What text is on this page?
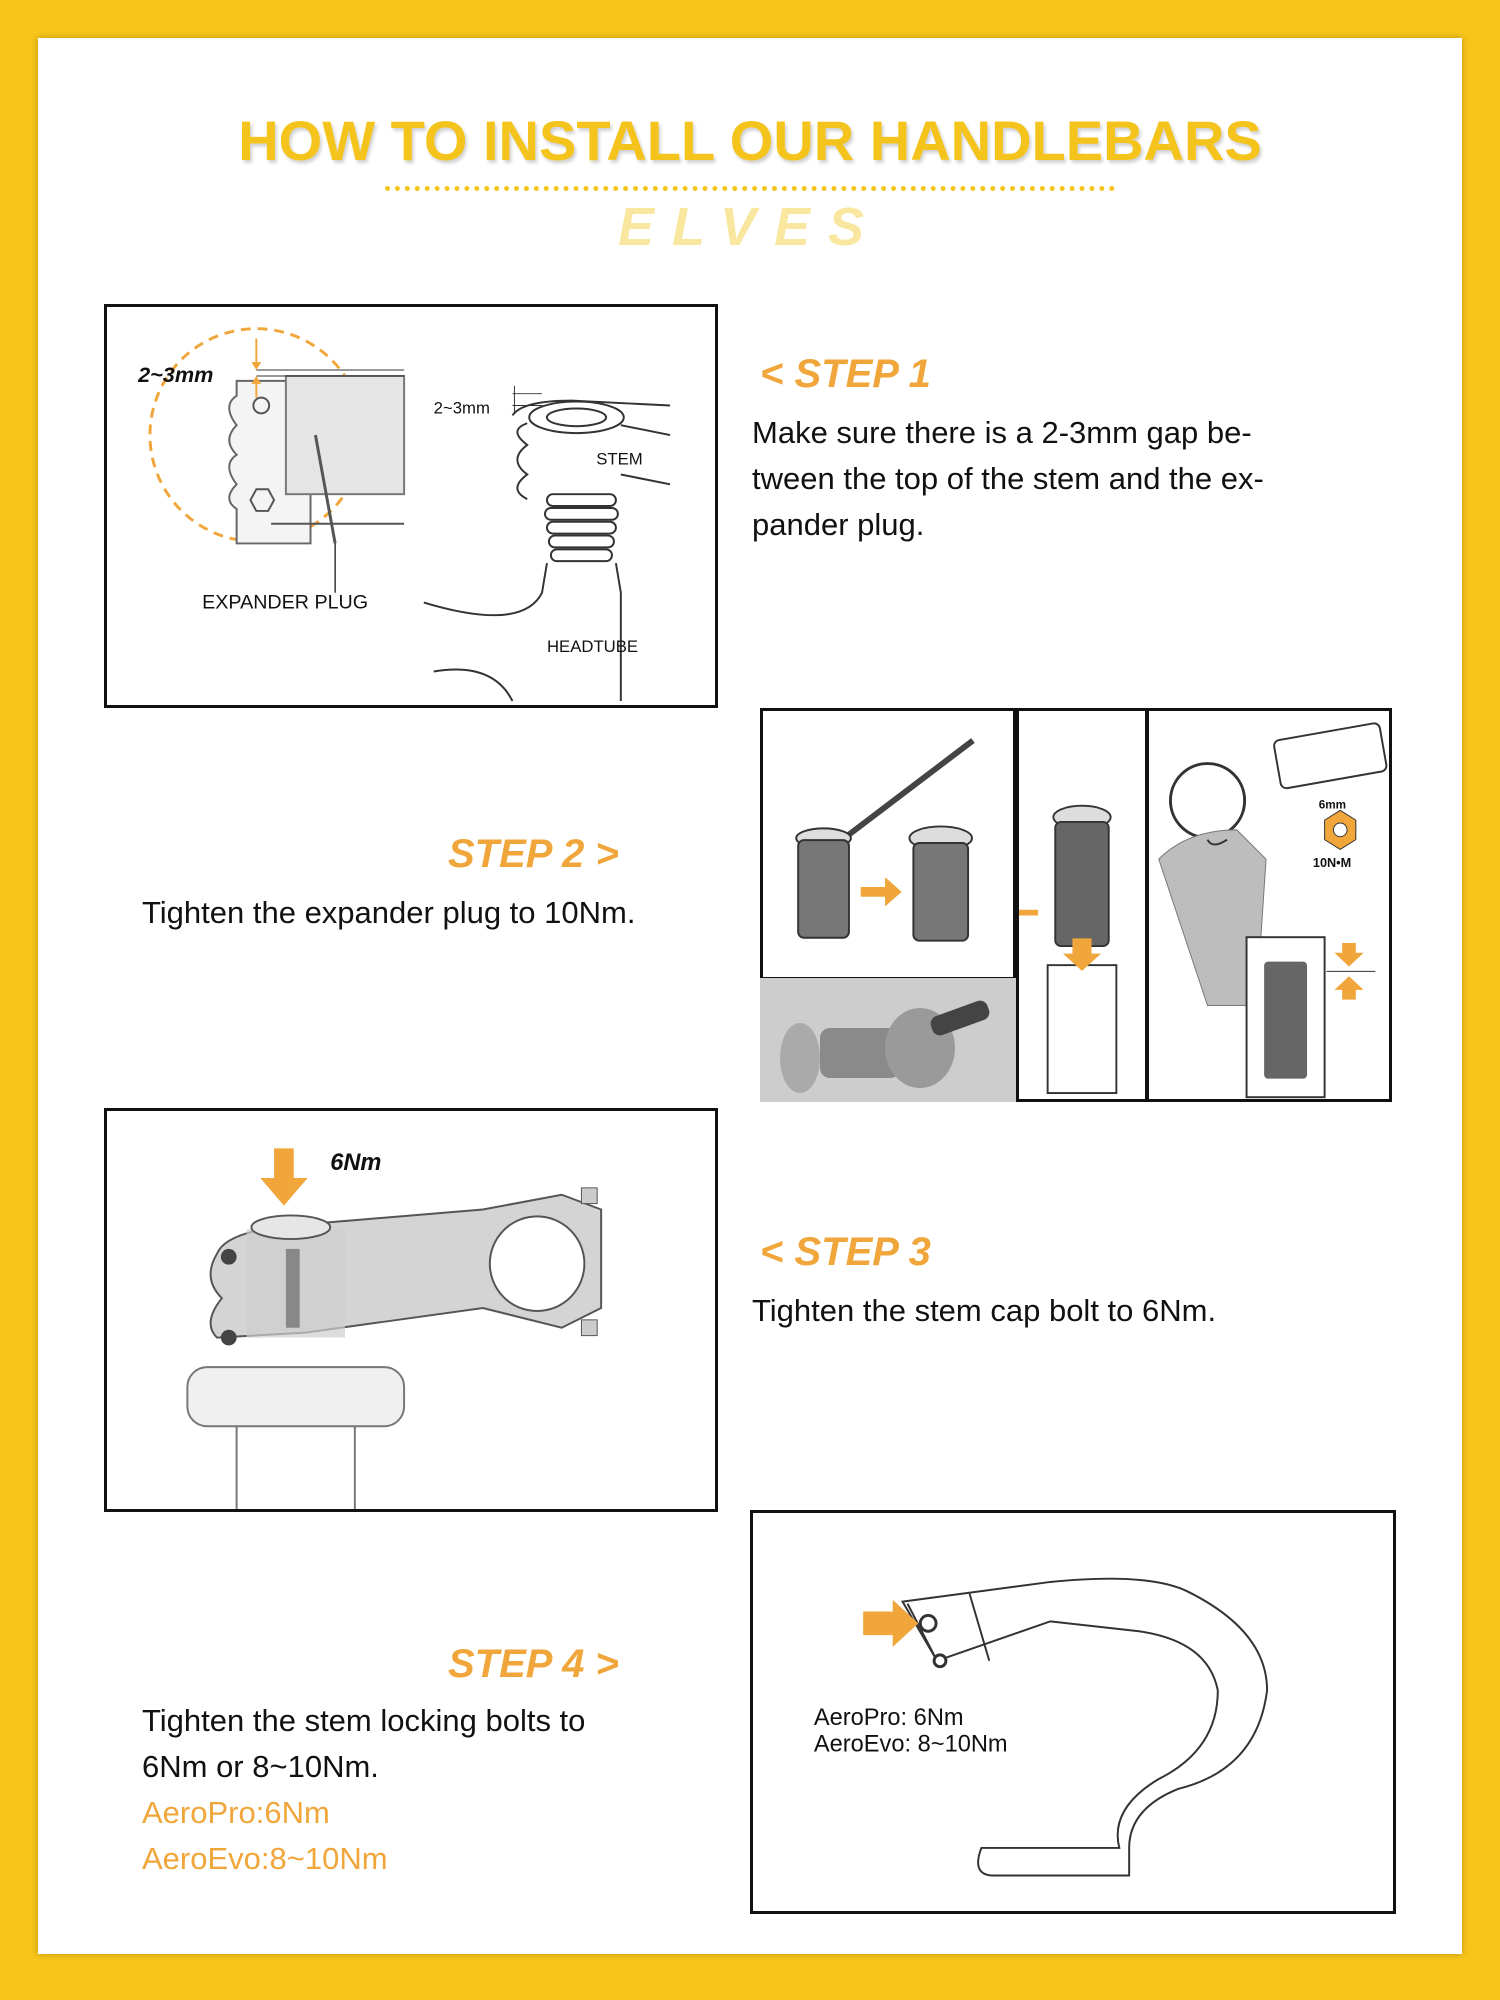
HOW TO INSTALL OUR HANDLEBARS
ELVES
2~3mm
EXPANDER PLUG
2~3mm
STEM
HEADTUBE
< STEP 1
Make sure there is a 2-3mm gap be-
tween the top of the stem and the ex-
pander plug.
STEP 2 >
Tighten the expander plug to 10Nm.
6mm
10N•M
6Nm
< STEP 3
Tighten the stem cap bolt to 6Nm.
STEP 4 >
Tighten the stem locking bolts to
6Nm or 8~10Nm.
AeroPro:6Nm
AeroEvo:8~10Nm
AeroPro: 6Nm
AeroEvo: 8~10Nm
